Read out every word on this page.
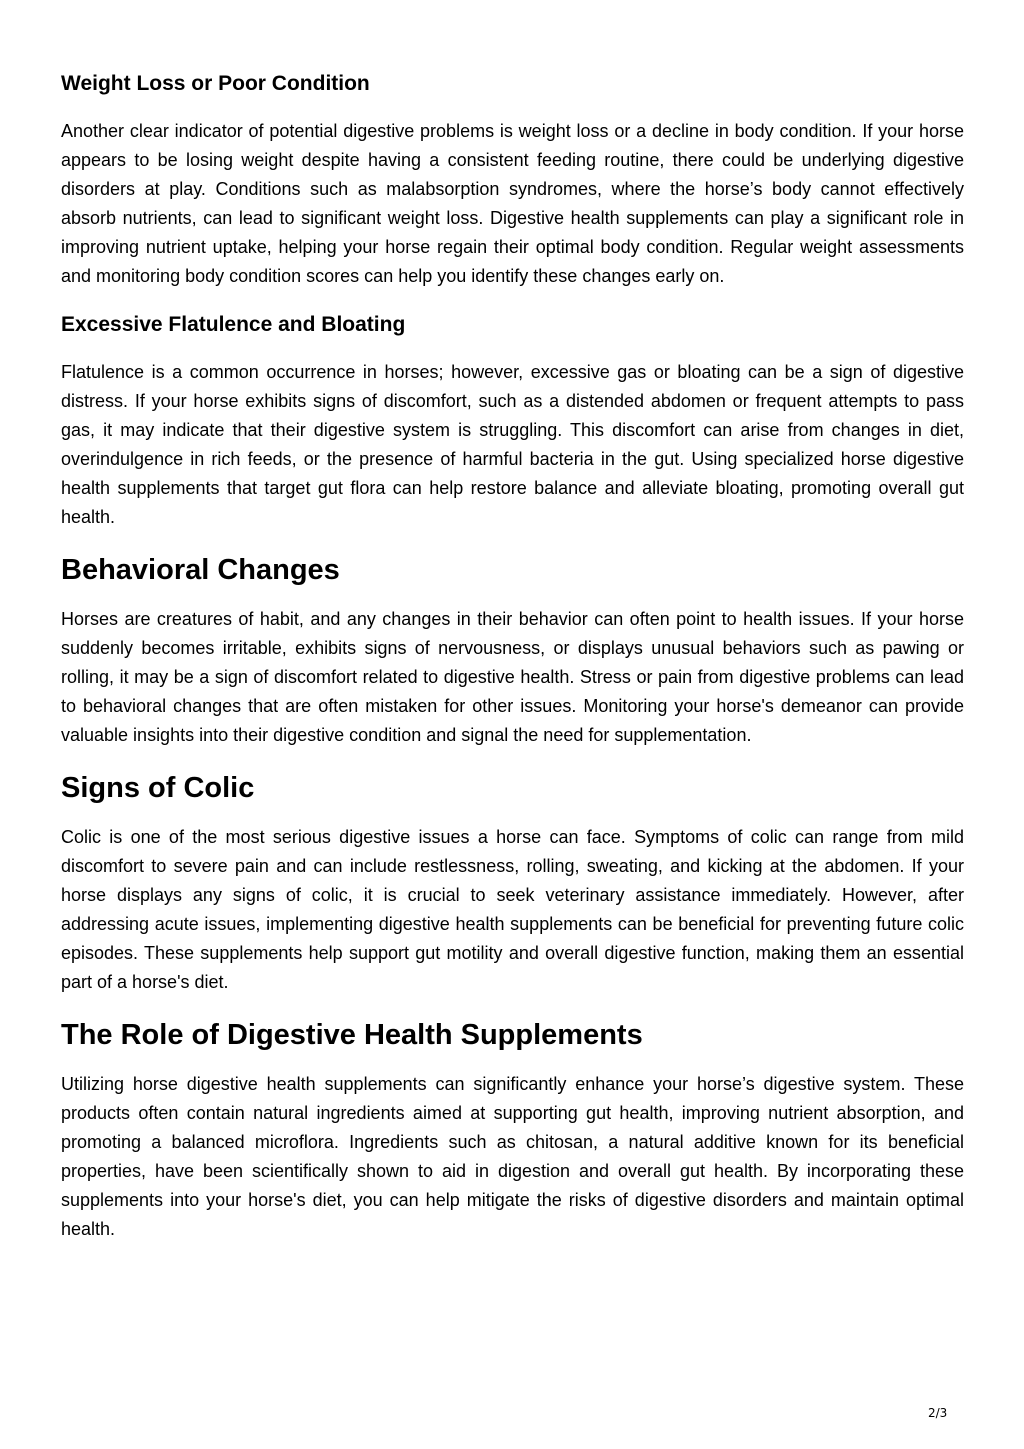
Weight Loss or Poor Condition

Another clear indicator of potential digestive problems is weight loss or a decline in body condition. If your horse appears to be losing weight despite having a consistent feeding routine, there could be underlying digestive disorders at play. Conditions such as malabsorption syndromes, where the horse’s body cannot effectively absorb nutrients, can lead to significant weight loss. Digestive health supplements can play a significant role in improving nutrient uptake, helping your horse regain their optimal body condition. Regular weight assessments and monitoring body condition scores can help you identify these changes early on.

Excessive Flatulence and Bloating

Flatulence is a common occurrence in horses; however, excessive gas or bloating can be a sign of digestive distress. If your horse exhibits signs of discomfort, such as a distended abdomen or frequent attempts to pass gas, it may indicate that their digestive system is struggling. This discomfort can arise from changes in diet, overindulgence in rich feeds, or the presence of harmful bacteria in the gut. Using specialized horse digestive health supplements that target gut flora can help restore balance and alleviate bloating, promoting overall gut health.

Behavioral Changes

Horses are creatures of habit, and any changes in their behavior can often point to health issues. If your horse suddenly becomes irritable, exhibits signs of nervousness, or displays unusual behaviors such as pawing or rolling, it may be a sign of discomfort related to digestive health. Stress or pain from digestive problems can lead to behavioral changes that are often mistaken for other issues. Monitoring your horse's demeanor can provide valuable insights into their digestive condition and signal the need for supplementation.

Signs of Colic

Colic is one of the most serious digestive issues a horse can face. Symptoms of colic can range from mild discomfort to severe pain and can include restlessness, rolling, sweating, and kicking at the abdomen. If your horse displays any signs of colic, it is crucial to seek veterinary assistance immediately. However, after addressing acute issues, implementing digestive health supplements can be beneficial for preventing future colic episodes. These supplements help support gut motility and overall digestive function, making them an essential part of a horse's diet.

The Role of Digestive Health Supplements

Utilizing horse digestive health supplements can significantly enhance your horse’s digestive system. These products often contain natural ingredients aimed at supporting gut health, improving nutrient absorption, and promoting a balanced microflora. Ingredients such as chitosan, a natural additive known for its beneficial properties, have been scientifically shown to aid in digestion and overall gut health. By incorporating these supplements into your horse's diet, you can help mitigate the risks of digestive disorders and maintain optimal health.

2/3
